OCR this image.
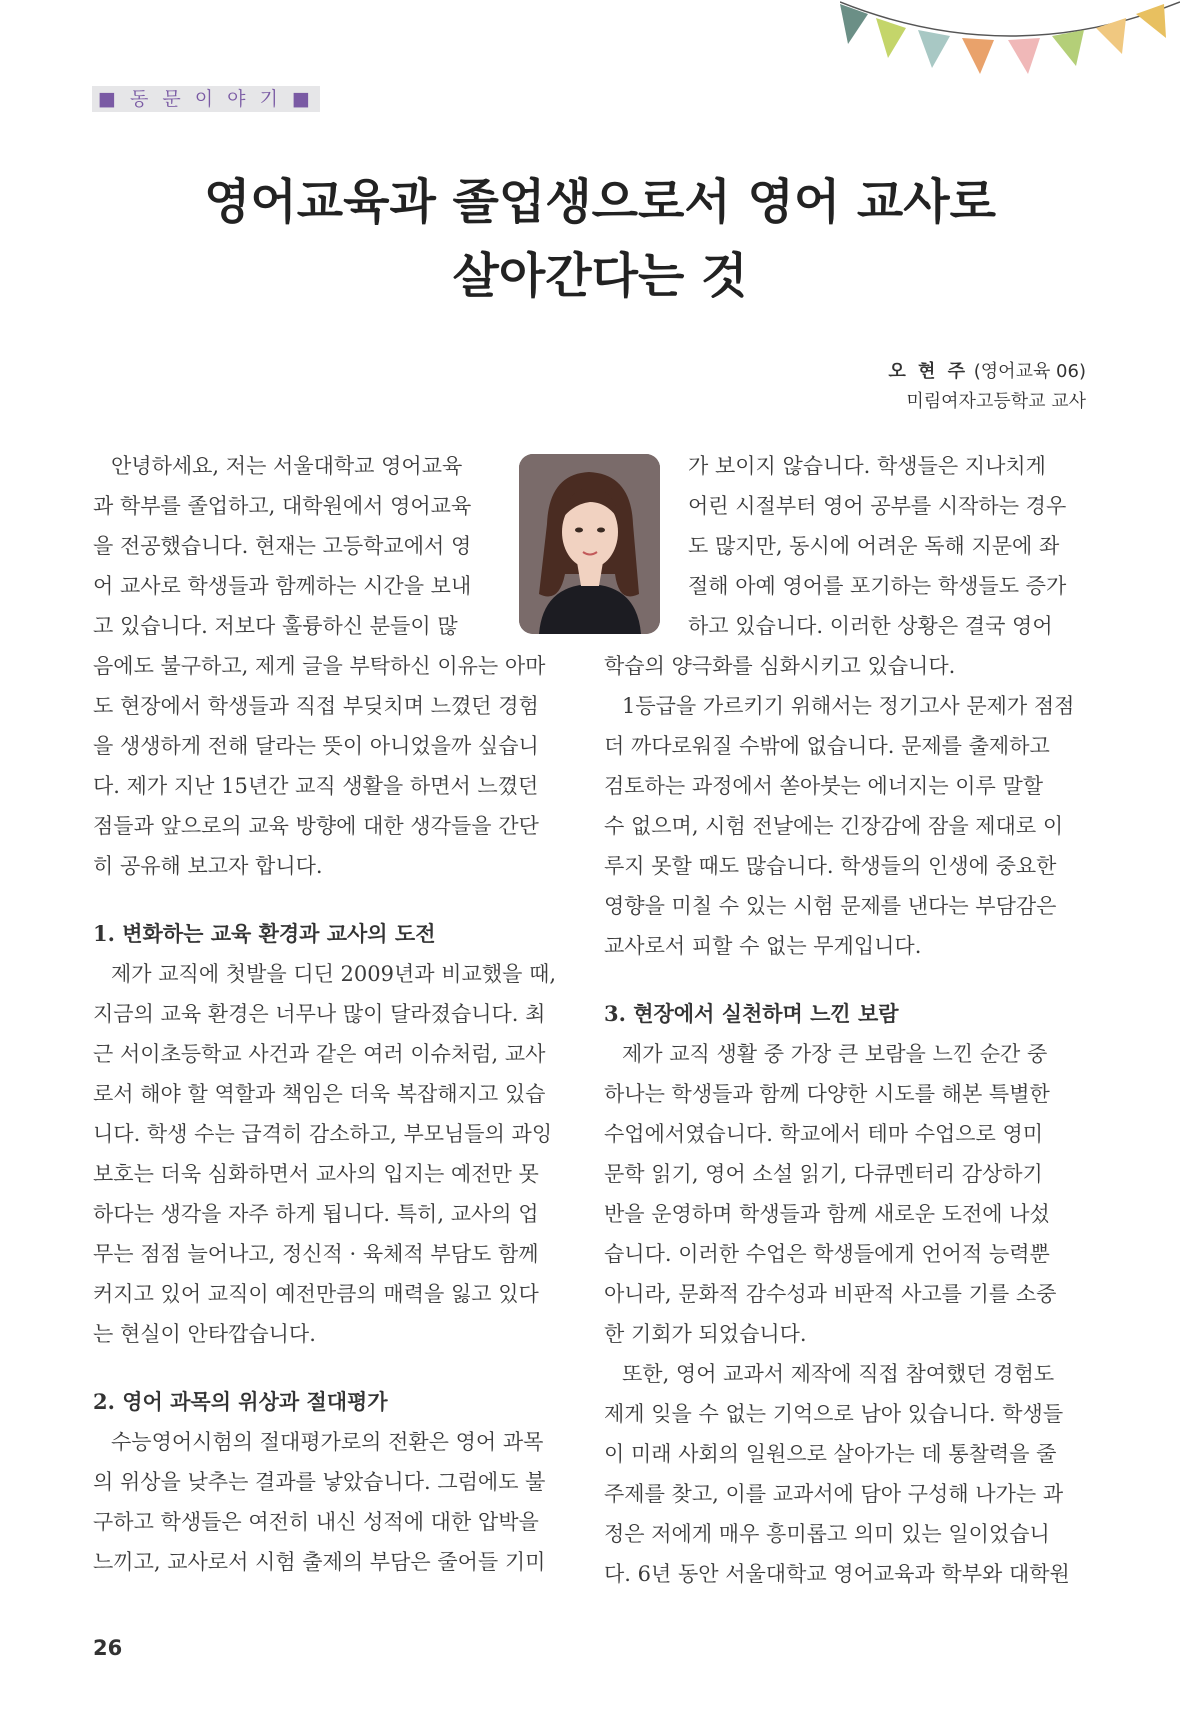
■ 동 문 이 야 기 ■
영어교육과 졸업생으로서 영어 교사로
살아간다는 것
오 현 주 (영어교육 06)
미림여자고등학교 교사

안녕하세요, 저는 서울대학교 영어교육

과 학부를 졸업하고, 대학원에서 영어교육

을 전공했습니다. 현재는 고등학교에서 영

어 교사로 학생들과 함께하는 시간을 보내

고 있습니다. 저보다 훌륭하신 분들이 많

음에도 불구하고, 제게 글을 부탁하신 이유는 아마

도 현장에서 학생들과 직접 부딪치며 느꼈던 경험

을 생생하게 전해 달라는 뜻이 아니었을까 싶습니

다. 제가 지난 15년간 교직 생활을 하면서 느꼈던

점들과 앞으로의 교육 방향에 대한 생각들을 간단

히 공유해 보고자 합니다.

1. 변화하는 교육 환경과 교사의 도전

제가 교직에 첫발을 디딘 2009년과 비교했을 때,

지금의 교육 환경은 너무나 많이 달라졌습니다. 최

근 서이초등학교 사건과 같은 여러 이슈처럼, 교사

로서 해야 할 역할과 책임은 더욱 복잡해지고 있습

니다. 학생 수는 급격히 감소하고, 부모님들의 과잉

보호는 더욱 심화하면서 교사의 입지는 예전만 못

하다는 생각을 자주 하게 됩니다. 특히, 교사의 업

무는 점점 늘어나고, 정신적 · 육체적 부담도 함께

커지고 있어 교직이 예전만큼의 매력을 잃고 있다

는 현실이 안타깝습니다.

2. 영어 과목의 위상과 절대평가

수능영어시험의 절대평가로의 전환은 영어 과목

의 위상을 낮추는 결과를 낳았습니다. 그럼에도 불

구하고 학생들은 여전히 내신 성적에 대한 압박을

느끼고, 교사로서 시험 출제의 부담은 줄어들 기미

가 보이지 않습니다. 학생들은 지나치게

어린 시절부터 영어 공부를 시작하는 경우

도 많지만, 동시에 어려운 독해 지문에 좌

절해 아예 영어를 포기하는 학생들도 증가

하고 있습니다. 이러한 상황은 결국 영어

학습의 양극화를 심화시키고 있습니다.

1등급을 가르키기 위해서는 정기고사 문제가 점점

더 까다로워질 수밖에 없습니다. 문제를 출제하고

검토하는 과정에서 쏟아붓는 에너지는 이루 말할

수 없으며, 시험 전날에는 긴장감에 잠을 제대로 이

루지 못할 때도 많습니다. 학생들의 인생에 중요한

영향을 미칠 수 있는 시험 문제를 낸다는 부담감은

교사로서 피할 수 없는 무게입니다.

3. 현장에서 실천하며 느낀 보람

제가 교직 생활 중 가장 큰 보람을 느낀 순간 중

하나는 학생들과 함께 다양한 시도를 해본 특별한

수업에서였습니다. 학교에서 테마 수업으로 영미

문학 읽기, 영어 소설 읽기, 다큐멘터리 감상하기

반을 운영하며 학생들과 함께 새로운 도전에 나섰

습니다. 이러한 수업은 학생들에게 언어적 능력뿐

아니라, 문화적 감수성과 비판적 사고를 기를 소중

한 기회가 되었습니다.

또한, 영어 교과서 제작에 직접 참여했던 경험도

제게 잊을 수 없는 기억으로 남아 있습니다. 학생들

이 미래 사회의 일원으로 살아가는 데 통찰력을 줄

주제를 찾고, 이를 교과서에 담아 구성해 나가는 과

정은 저에게 매우 흥미롭고 의미 있는 일이었습니

다. 6년 동안 서울대학교 영어교육과 학부와 대학원

26
